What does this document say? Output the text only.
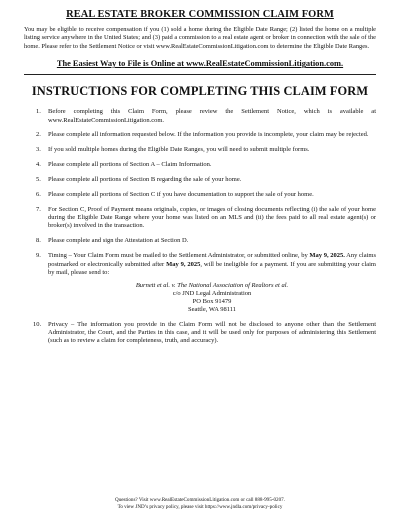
REAL ESTATE BROKER COMMISSION CLAIM FORM

You may be eligible to receive compensation if you (1) sold a home during the Eligible Date Range; (2) listed the home on a multiple listing service anywhere in the United States; and (3) paid a commission to a real estate agent or broker in connection with the sale of the home. Please refer to the Settlement Notice or visit www.RealEstateCommissionLitigation.com to determine the Eligible Date Ranges.

The Easiest Way to File is Online at www.RealEstateCommissionLitigation.com.

INSTRUCTIONS FOR COMPLETING THIS CLAIM FORM
1. Before completing this Claim Form, please review the Settlement Notice, which is available at www.RealEstateCommissionLitigation.com.
2. Please complete all information requested below. If the information you provide is incomplete, your claim may be rejected.
3. If you sold multiple homes during the Eligible Date Ranges, you will need to submit multiple forms.
4. Please complete all portions of Section A – Claim Information.
5. Please complete all portions of Section B regarding the sale of your home.
6. Please complete all portions of Section C if you have documentation to support the sale of your home.
7. For Section C, Proof of Payment means originals, copies, or images of closing documents reflecting (i) the sale of your home during the Eligible Date Range where your home was listed on an MLS and (ii) the fees paid to all real estate agent(s) or broker(s) involved in the transaction.
8. Please complete and sign the Attestation at Section D.
9. Timing – Your Claim Form must be mailed to the Settlement Administrator, or submitted online, by May 9, 2025. Any claims postmarked or electronically submitted after May 9, 2025, will be ineligible for a payment. If you are submitting your claim by mail, please send to:
Burnett et al. v. The National Association of Realtors et al.
c/o JND Legal Administration
PO Box 91479
Seattle, WA 98111
10. Privacy – The information you provide in the Claim Form will not be disclosed to anyone other than the Settlement Administrator, the Court, and the Parties in this case, and it will be used only for purposes of administering this Settlement (such as to review a claim for completeness, truth, and accuracy).
Questions? Visit www.RealEstateCommissionLitigation.com or call 888-995-0207.
To view JND’s privacy policy, please visit https://www.jndla.com/privacy-policy
